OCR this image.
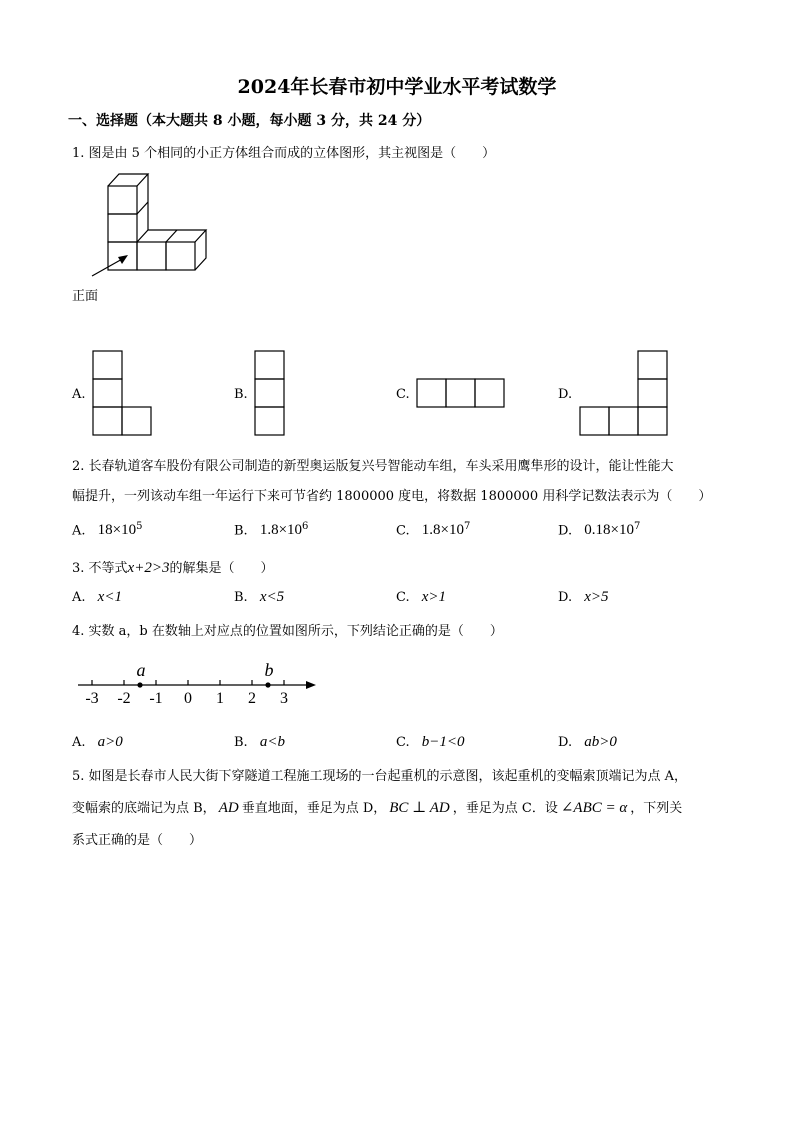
2024年长春市初中学业水平考试数学
一、选择题（本大题共 8 小题，每小题 3 分，共 24 分）
1. 图是由 5 个相同的小正方体组合而成的立体图形，其主视图是（　　）
正面
A.	B.	C.	D.
2. 长春轨道客车股份有限公司制造的新型奥运版复兴号智能动车组，车头采用鹰隼形的设计，能让性能大
幅提升，一列该动车组一年运行下来可节省约 1800000 度电，将数据 1800000 用科学记数法表示为（　　）
A. $18\times 10^5$	B. $1.8\times 10^6$	C. $1.8\times 10^7$	D. $0.18\times 10^7$
3. 不等式x+2>3的解集是（　　）
A. x<1	B. x<5	C. x>1	D. x>5
4. 实数 a，b 在数轴上对应点的位置如图所示，下列结论正确的是（　　）
-3 -2 -1 0 1 2 3
a	b
A. a>0	B. a<b	C. b−1<0	D. ab>0
5. 如图是长春市人民大街下穿隧道工程施工现场的一台起重机的示意图，该起重机的变幅索顶端记为点 A，
变幅索的底端记为点 B， AD 垂直地面，垂足为点 D， BC ⊥ AD ，垂足为点 C．设 ∠ABC = α ，下列关
系式正确的是（　　）
